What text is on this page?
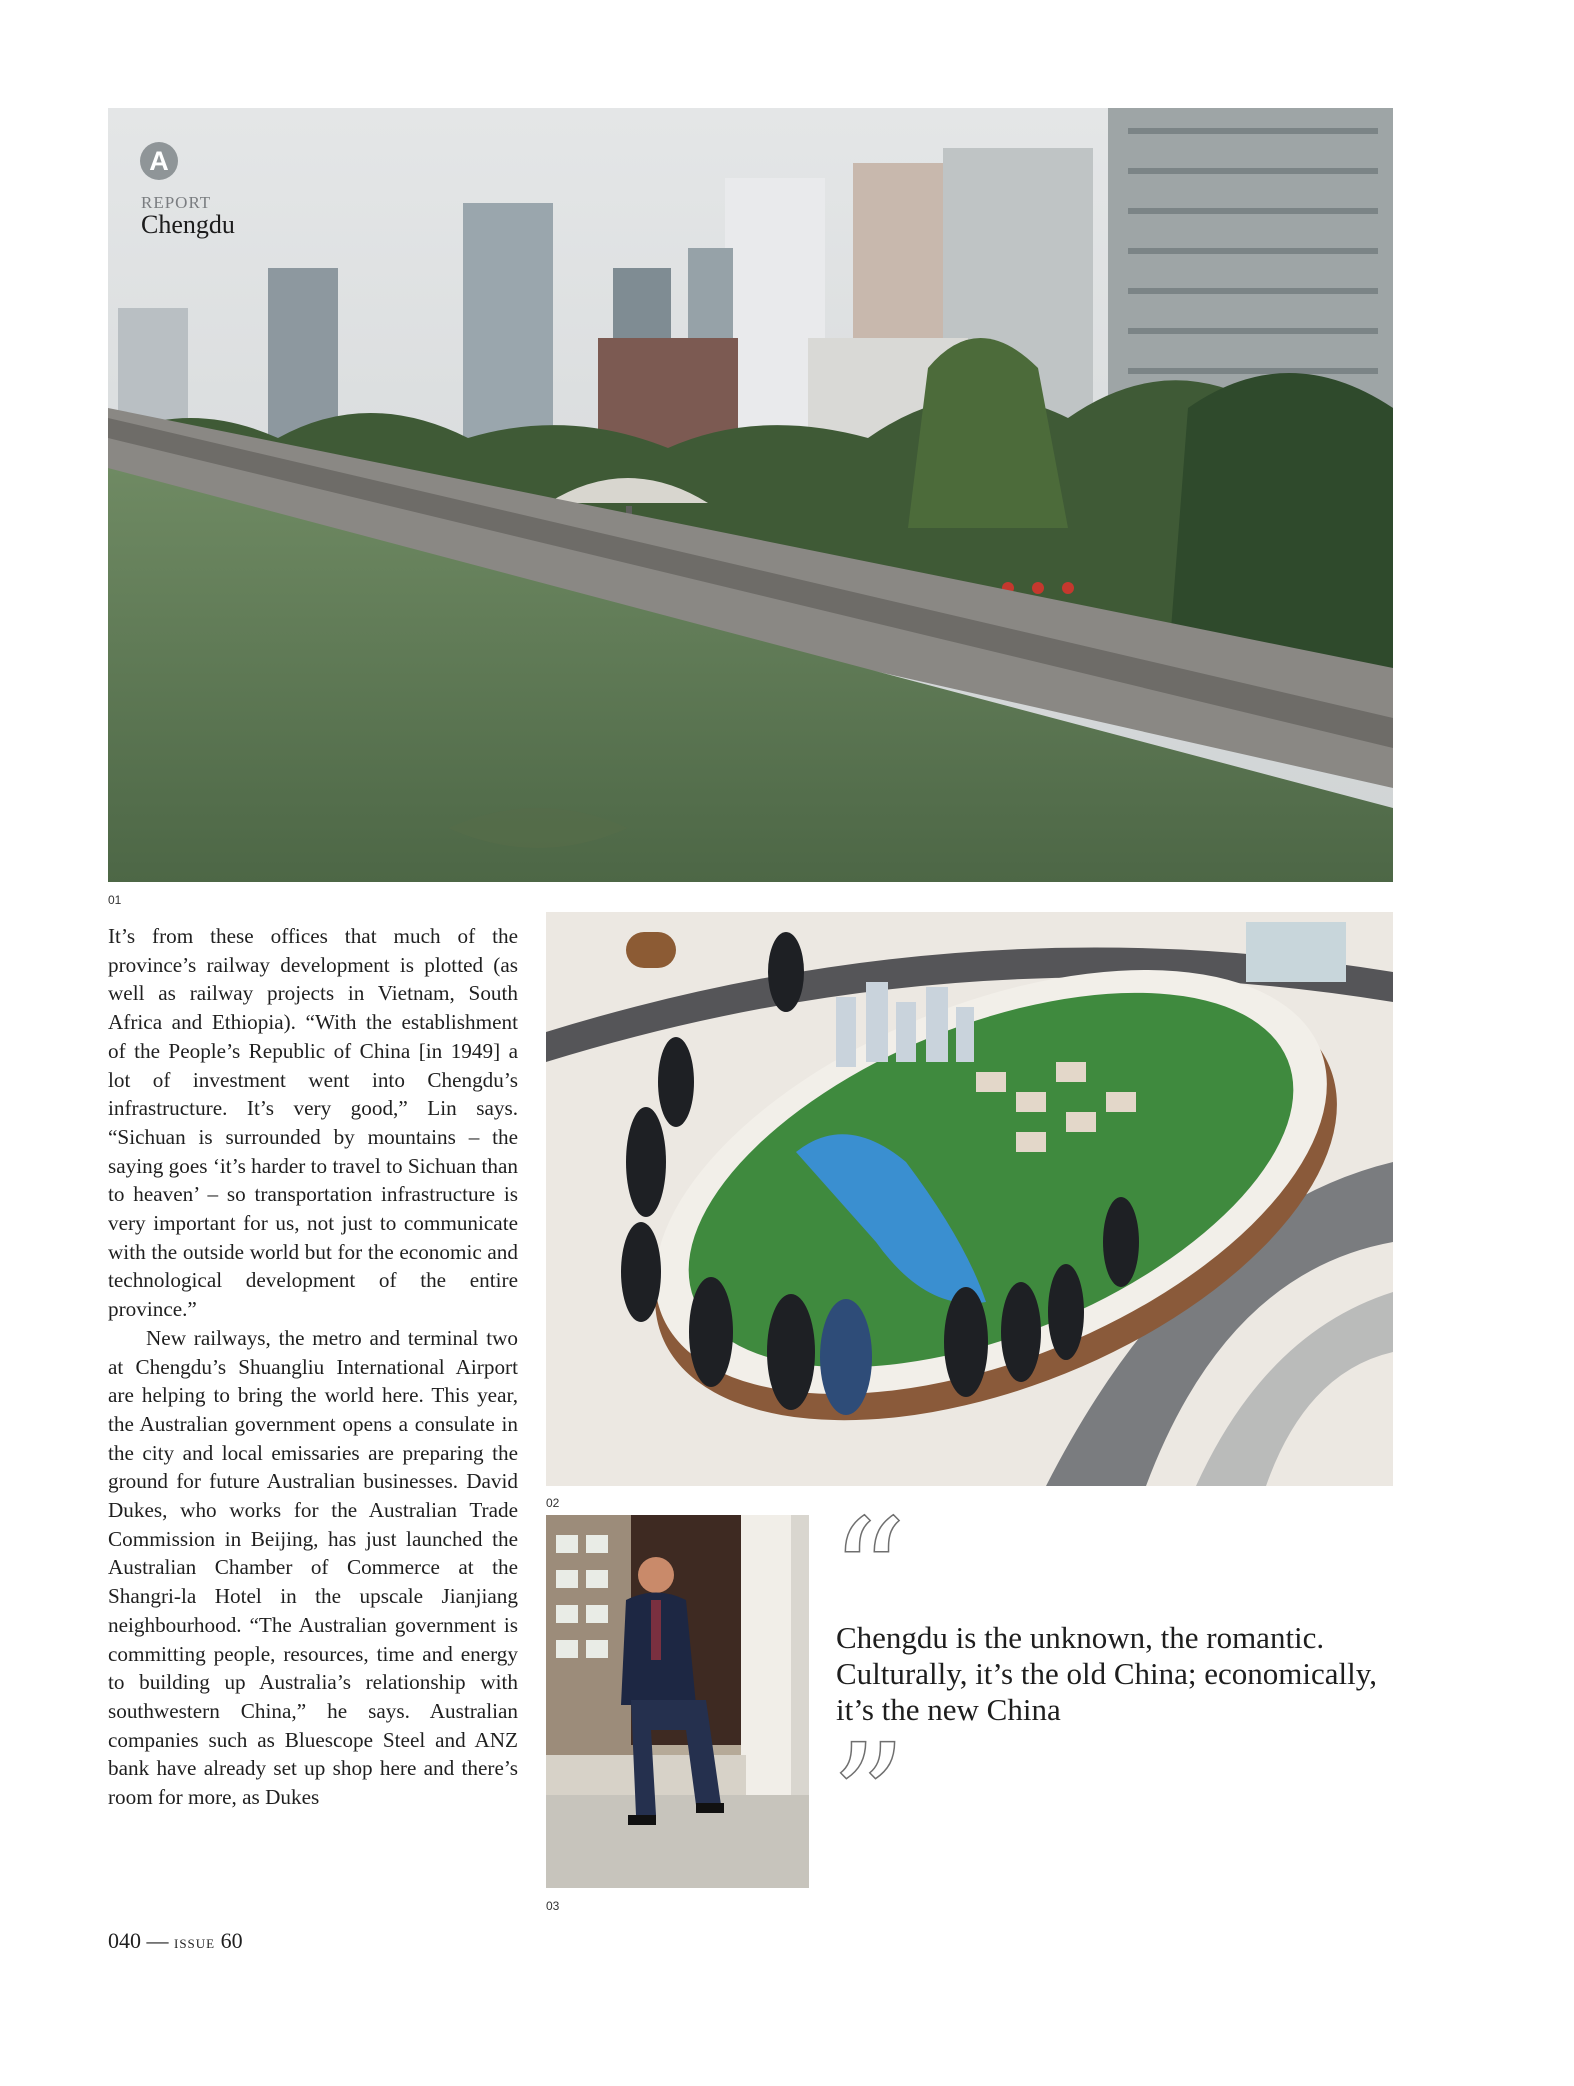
01
A
REPORT
Chengdu
02
03

It’s from these offices that much of the province’s railway development is plotted (as well as railway projects in Vietnam, South Africa and Ethiopia). “With the establishment of the People’s Republic of China [in 1949] a lot of investment went into Chengdu’s infrastructure. It’s very good,” Lin says. “Sichuan is surrounded by mountains – the saying goes ‘it’s harder to travel to Sichuan than to heaven’ – so transportation infrastructure is very important for us, not just to communicate with the outside world but for the economic and technological development of the entire province.”

New railways, the metro and terminal two at Chengdu’s Shuangliu International Airport are helping to bring the world here. This year, the Australian government opens a consulate in the city and local emissaries are preparing the ground for future Australian businesses. David Dukes, who works for the Australian Trade Commission in Beijing, has just launched the Australian Chamber of Commerce at the Shangri-la Hotel in the upscale Jianjiang neighbourhood. “The Australian government is committing people, resources, time and energy to building up Australia’s relationship with southwestern China,” he says. Australian companies such as Bluescope Steel and ANZ bank have already set up shop here and there’s room for more, as Dukes

“
Chengdu is the unknown, the romantic. Culturally, it’s the old China; economically, it’s the new China
”
040 — issue 60
